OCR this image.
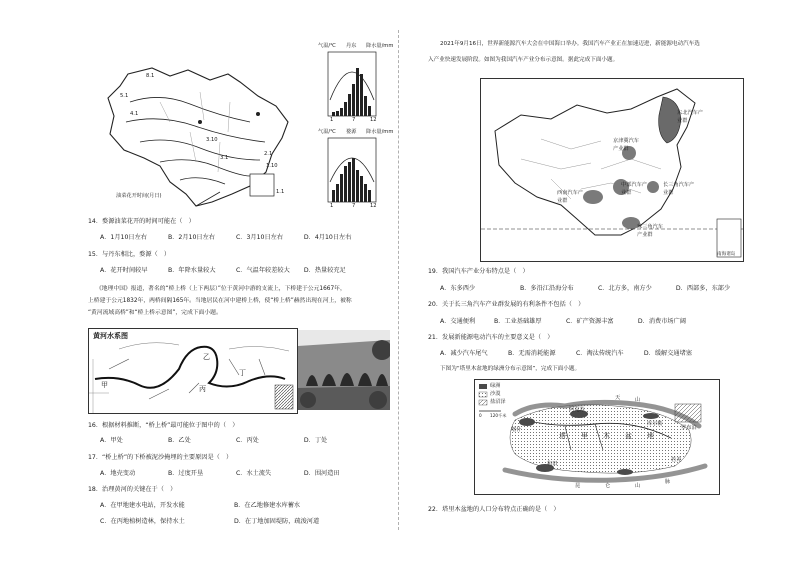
8.1
5.1
4.1
3.10
3.1
2.1
1.10
1.1
油菜花开时间(月日)
气温/℃ 丹东 降水量/mm
1	7	12
气温/℃ 婺源 降水量/mm
1	7	12
14．婺源油菜花开的时间可能在（　）
A．1月10日左右	B．2月10日左右	C．3月10日左右	D．4月10日左右
15．与丹东相比，婺源（　）
A．花开时间较早	B．年降水量较大	C．气温年较差较大 D．热量较充足
《地理中国》报道，著名的“桥上桥（上下两层）”位于黄河中游的支流上，下桥建于公元1667年，
上桥建于公元1832年，两桥间隔165年。当地居民在河中建桥上桥，使“桥上桥”赫然出现在河上，被称
“黄河流域高桥”和“桥上桥示意图”，完成下面小题。
黄河水系图
甲
乙
丙
丁
16．根据材料推断，“桥上桥”最可能位于图中的（　）
A．甲处	B．乙处	C．丙处	D．丁处
17．“桥上桥”的下桥被泥沙掩埋的主要原因是（　）
A．地壳变动	B．过度开垦	C．水土流失	D．围河造田
18．治理黄河的关键在于（　）
A．在甲地建水电站，开发水能	B．在乙地修建水库蓄水
C．在丙地植树造林，保持水土	D．在丁地加固堤防，疏浚河道
2021年9月16日，世界新能源汽车大会在中国海口举办。我国汽车产业正在加速迈进，新能源电动汽车选
入产业快速发展阶段。如图为我国汽车产业分布示意图。据此完成下面小题。
东北汽车产业群
京津冀汽车产业群
中部汽车产业群
长三角汽车产业群
西南汽车产业群
珠三角汽车产业群
南海诸岛
19．我国汽车产业分布特点是（　）
A．东多西少	B．多沿江沿海分布	C．北方多，南方少	D．西部多，东部少
20．关于长三角汽车产业群发展的有利条件不包括（　）
A．交通便利	B．工业基础雄厚	C．矿产资源丰富	D．消费市场广阔
21．发展新能源电动汽车的主要意义是（　）
A．减少汽车尾气	B．无需消耗能源	C．淘汰传统汽车	D．缓解交通堵塞
下图为“塔里木盆地的绿洲分布示意图”，完成下面小题。
绿洲
沙漠
盐沼泽
0　　120千米
塔 里 木 盆 地
天	山
昆	仑	山
脉
阿克苏
库尔勒
喀什
和田
若羌
罗布泊
22．塔里木盆地的人口分布特点正确的是（　）
